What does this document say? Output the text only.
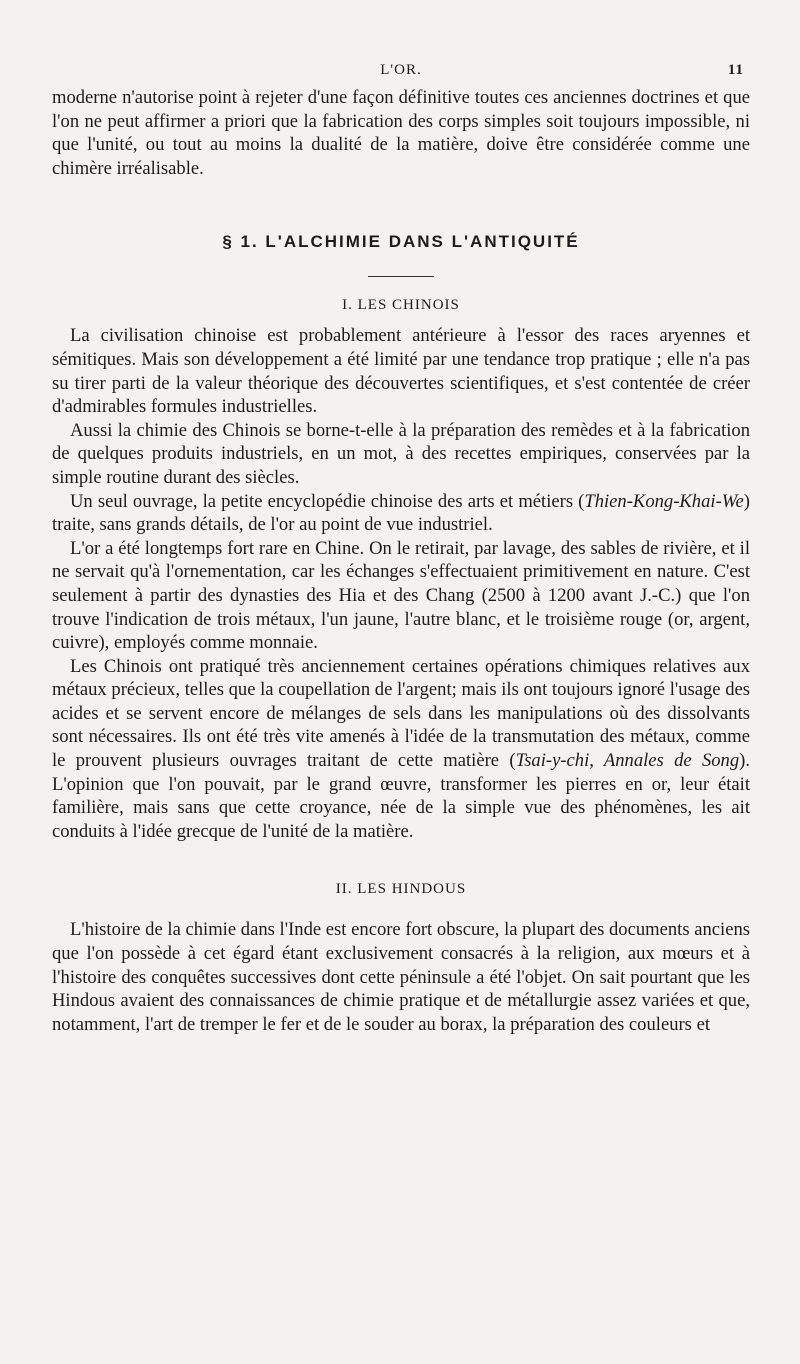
L'OR.	11

moderne n'autorise point à rejeter d'une façon définitive toutes ces anciennes doctrines et que l'on ne peut affirmer a priori que la fabrication des corps simples soit toujours impossible, ni que l'unité, ou tout au moins la dualité de la matière, doive être considérée comme une chimère irréalisable.

§ 1. L'ALCHIMIE DANS L'ANTIQUITÉ
I. LES CHINOIS

La civilisation chinoise est probablement antérieure à l'essor des races aryennes et sémitiques. Mais son développement a été limité par une tendance trop pratique ; elle n'a pas su tirer parti de la valeur théorique des découvertes scientifiques, et s'est contentée de créer d'admirables formules industrielles.

Aussi la chimie des Chinois se borne-t-elle à la préparation des remèdes et à la fabrication de quelques produits industriels, en un mot, à des recettes empiriques, conservées par la simple routine durant des siècles.

Un seul ouvrage, la petite encyclopédie chinoise des arts et métiers (Thien-Kong-Khai-We) traite, sans grands détails, de l'or au point de vue industriel.

L'or a été longtemps fort rare en Chine. On le retirait, par lavage, des sables de rivière, et il ne servait qu'à l'ornementation, car les échanges s'effectuaient primitivement en nature. C'est seulement à partir des dynasties des Hia et des Chang (2500 à 1200 avant J.-C.) que l'on trouve l'indication de trois métaux, l'un jaune, l'autre blanc, et le troisième rouge (or, argent, cuivre), employés comme monnaie.

Les Chinois ont pratiqué très anciennement certaines opérations chimiques relatives aux métaux précieux, telles que la coupellation de l'argent; mais ils ont toujours ignoré l'usage des acides et se servent encore de mélanges de sels dans les manipulations où des dissolvants sont nécessaires. Ils ont été très vite amenés à l'idée de la transmutation des métaux, comme le prouvent plusieurs ouvrages traitant de cette matière (Tsai-y-chi, Annales de Song). L'opinion que l'on pouvait, par le grand œuvre, transformer les pierres en or, leur était familière, mais sans que cette croyance, née de la simple vue des phénomènes, les ait conduits à l'idée grecque de l'unité de la matière.

II. LES HINDOUS

L'histoire de la chimie dans l'Inde est encore fort obscure, la plupart des documents anciens que l'on possède à cet égard étant exclusivement consacrés à la religion, aux mœurs et à l'histoire des conquêtes successives dont cette péninsule a été l'objet. On sait pourtant que les Hindous avaient des connaissances de chimie pratique et de métallurgie assez variées et que, notamment, l'art de tremper le fer et de le souder au borax, la préparation des couleurs et
